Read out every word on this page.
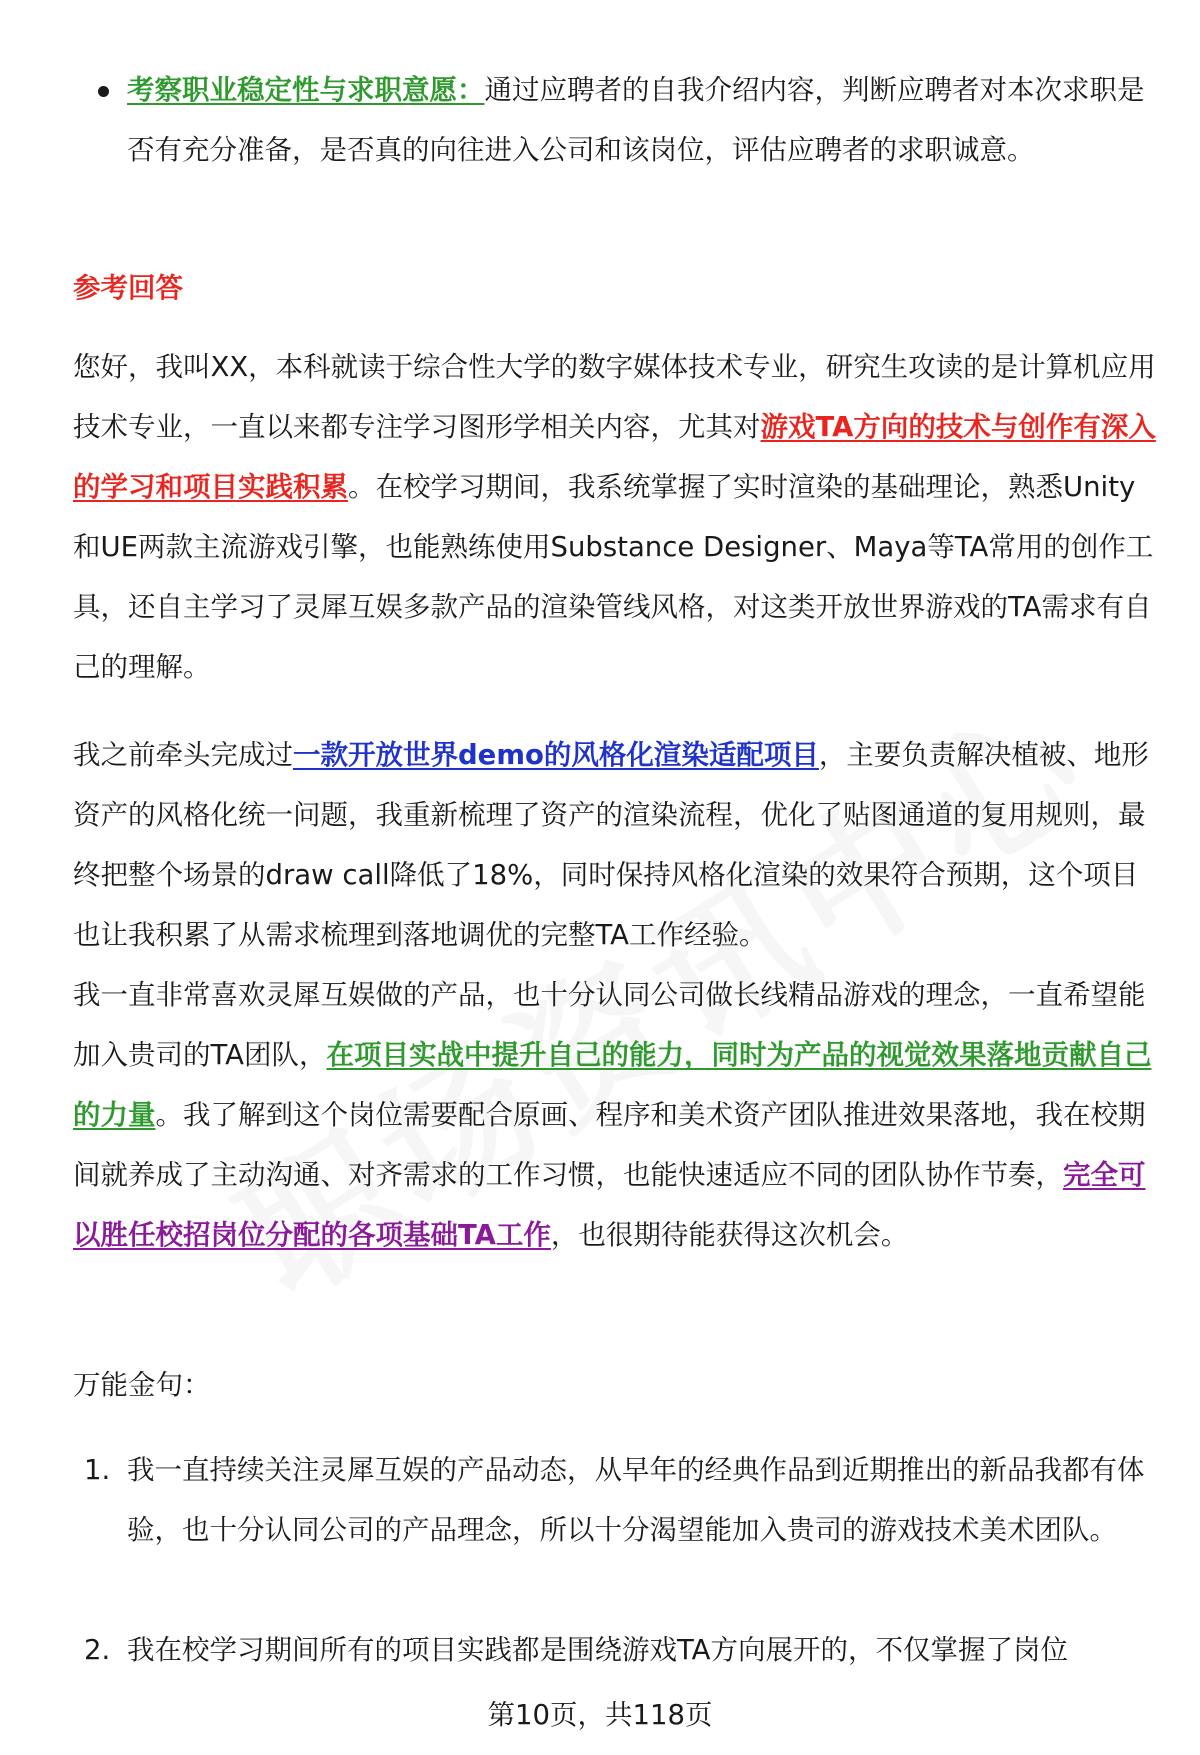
考察职业稳定性与求职意愿：通过应聘者的自我介绍内容，判断应聘者对本次求职是否有充分准备，是否真的向往进入公司和该岗位，评估应聘者的求职诚意。

参考回答

您好，我叫XX，本科就读于综合性大学的数字媒体技术专业，研究生攻读的是计算机应用技术专业，一直以来都专注学习图形学相关内容，尤其对游戏TA方向的技术与创作有深入的学习和项目实践积累。在校学习期间，我系统掌握了实时渲染的基础理论，熟悉Unity和UE两款主流游戏引擎，也能熟练使用Substance Designer、Maya等TA常用的创作工具，还自主学习了灵犀互娱多款产品的渲染管线风格，对这类开放世界游戏的TA需求有自己的理解。

我之前牵头完成过一款开放世界demo的风格化渲染适配项目，主要负责解决植被、地形资产的风格化统一问题，我重新梳理了资产的渲染流程，优化了贴图通道的复用规则，最终把整个场景的draw call降低了18%，同时保持风格化渲染的效果符合预期，这个项目也让我积累了从需求梳理到落地调优的完整TA工作经验。

我一直非常喜欢灵犀互娱做的产品，也十分认同公司做长线精品游戏的理念，一直希望能加入贵司的TA团队，在项目实战中提升自己的能力，同时为产品的视觉效果落地贡献自己的力量。我了解到这个岗位需要配合原画、程序和美术资产团队推进效果落地，我在校期间就养成了主动沟通、对齐需求的工作习惯，也能快速适应不同的团队协作节奏，完全可以胜任校招岗位分配的各项基础TA工作，也很期待能获得这次机会。

万能金句：

1. 我一直持续关注灵犀互娱的产品动态，从早年的经典作品到近期推出的新品我都有体验，也十分认同公司的产品理念，所以十分渴望能加入贵司的游戏技术美术团队。

2. 我在校学习期间所有的项目实践都是围绕游戏TA方向展开的，不仅掌握了岗位

第10页，共118页
